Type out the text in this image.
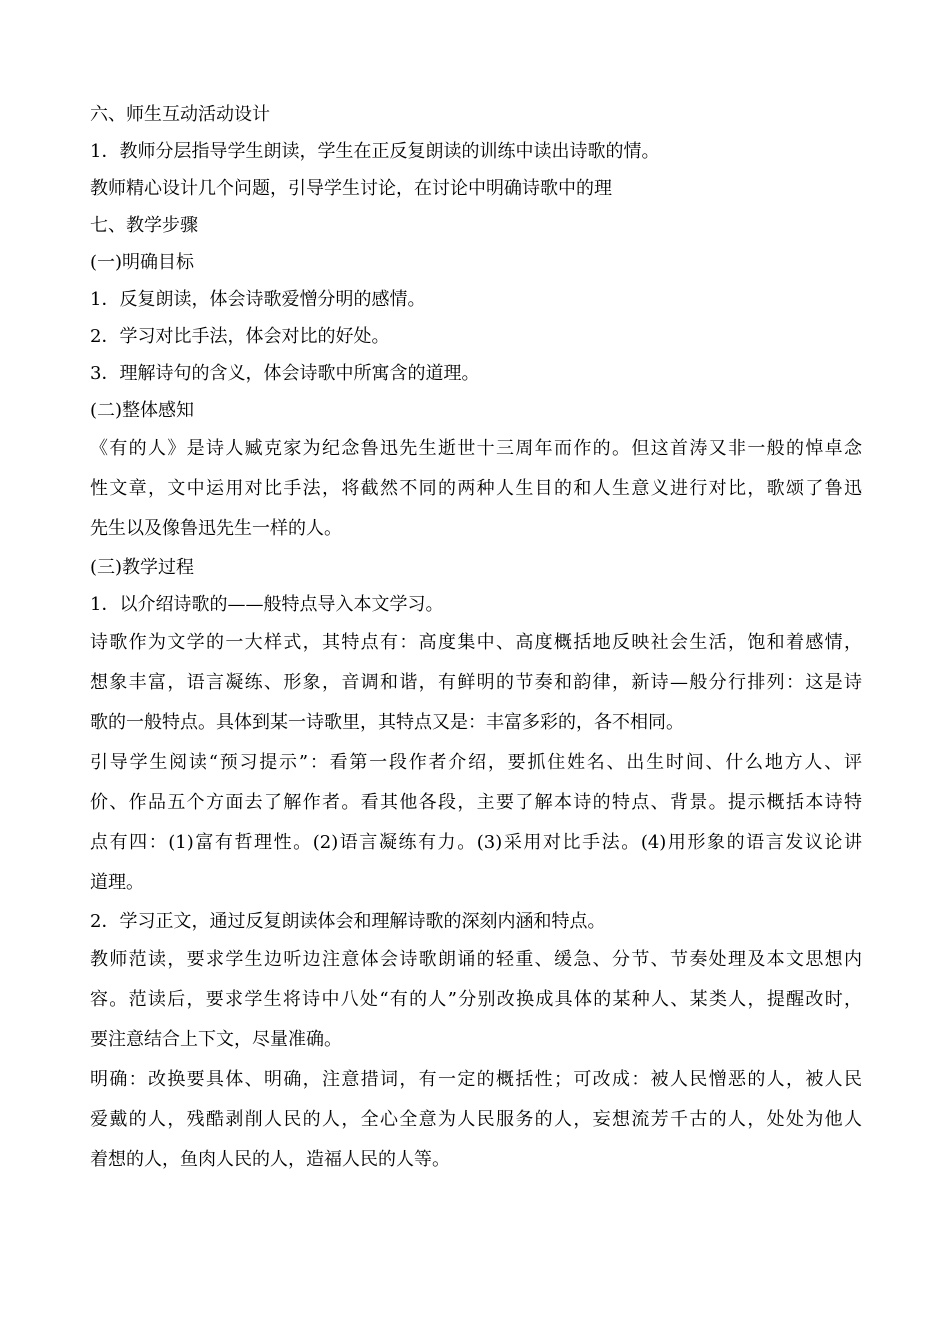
六、师生互动活动设计

1．教师分层指导学生朗读，学生在正反复朗读的训练中读出诗歌的情。

教师精心设计几个问题，引导学生讨论，在讨论中明确诗歌中的理

七、教学步骤

(一)明确目标

1．反复朗读，体会诗歌爱憎分明的感情。

2．学习对比手法，体会对比的好处。

3．理解诗句的含义，体会诗歌中所寓含的道理。

(二)整体感知

《有的人》是诗人臧克家为纪念鲁迅先生逝世十三周年而作的。但这首涛又非一般的悼卓念
性文章，文中运用对比手法，将截然不同的两种人生目的和人生意义进行对比，歌颂了鲁迅
先生以及像鲁迅先生一样的人。

(三)教学过程

1．以介绍诗歌的——般特点导入本文学习。

诗歌作为文学的一大样式，其特点有：高度集中、高度概括地反映社会生活，饱和着感情，
想象丰富，语言凝练、形象，音调和谐，有鲜明的节奏和韵律，新诗—般分行排列：这是诗
歌的一般特点。具体到某一诗歌里，其特点又是：丰富多彩的，各不相同。
引导学生阅读“预习提示”：看第一段作者介绍，要抓住姓名、出生时间、什么地方人、评
价、作品五个方面去了解作者。看其他各段，主要了解本诗的特点、背景。提示概括本诗特
点有四：(1)富有哲理性。(2)语言凝练有力。(3)采用对比手法。(4)用形象的语言发议论讲
道理。

2．学习正文，通过反复朗读体会和理解诗歌的深刻内涵和特点。

教师范读，要求学生边听边注意体会诗歌朗诵的轻重、缓急、分节、节奏处理及本文思想内
容。范读后，要求学生将诗中八处“有的人”分别改换成具体的某种人、某类人，提醒改时，
要注意结合上下文，尽量准确。
明确：改换要具体、明确，注意措词，有一定的概括性；可改成：被人民憎恶的人，被人民
爱戴的人，残酷剥削人民的人，全心全意为人民服务的人，妄想流芳千古的人，处处为他人
着想的人，鱼肉人民的人，造福人民的人等。
